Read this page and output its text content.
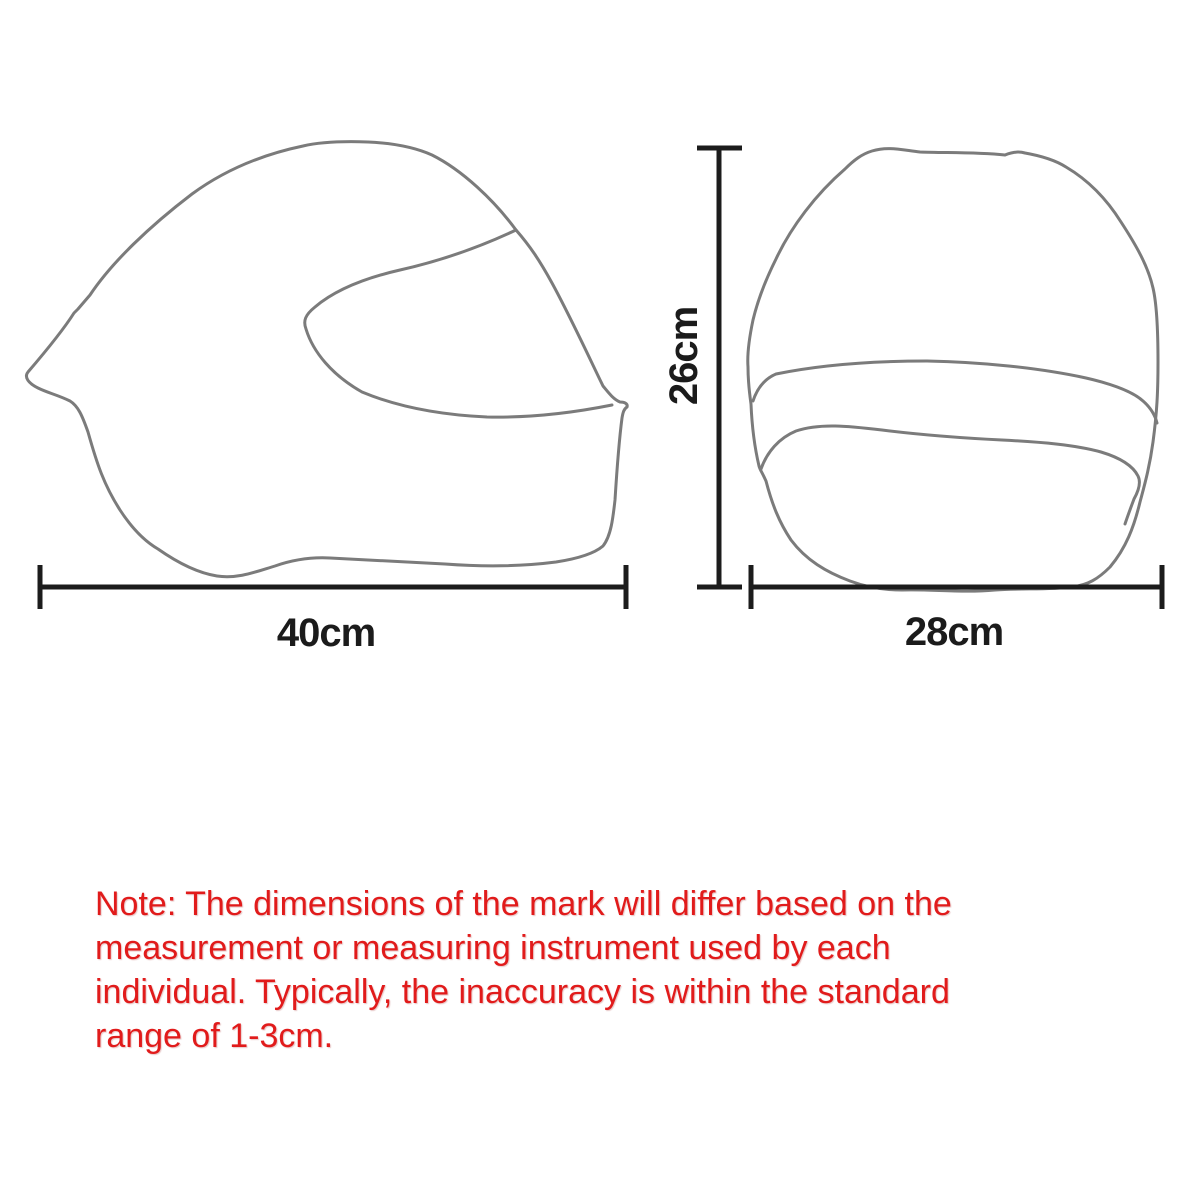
40cm
26cm
28cm
Note: The dimensions of the mark will differ based on the
measurement or measuring instrument used by each
individual. Typically, the inaccuracy is within the standard
range of 1-3cm.
